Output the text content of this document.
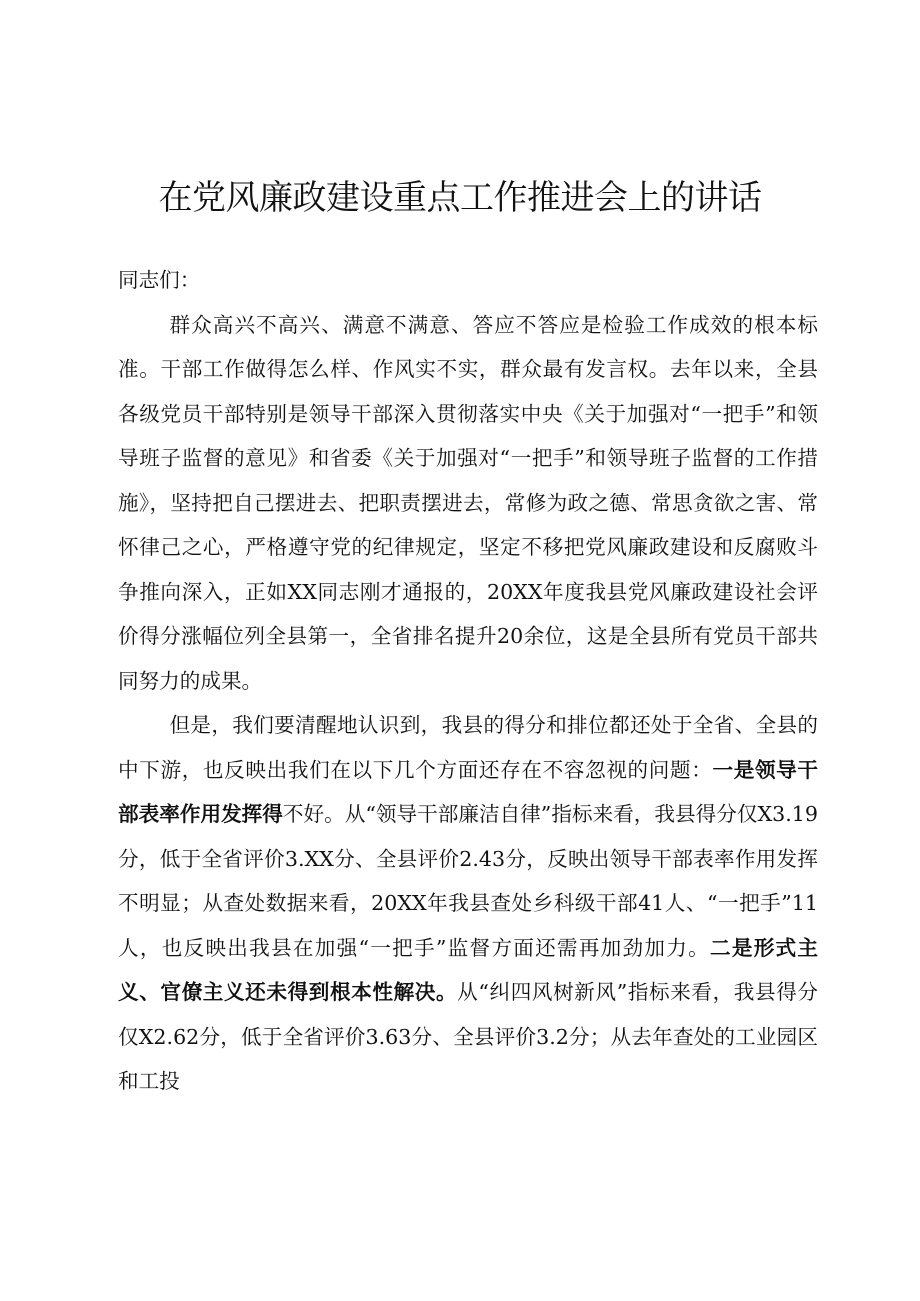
在党风廉政建设重点工作推进会上的讲话

同志们：

群众高兴不高兴、满意不满意、答应不答应是检验工作成效的根本标准。干部工作做得怎么样、作风实不实，群众最有发言权。去年以来，全县各级党员干部特别是领导干部深入贯彻落实中央《关于加强对“一把手”和领导班子监督的意见》和省委《关于加强对“一把手”和领导班子监督的工作措施》，坚持把自己摆进去、把职责摆进去，常修为政之德、常思贪欲之害、常怀律己之心，严格遵守党的纪律规定，坚定不移把党风廉政建设和反腐败斗争推向深入，正如XX同志刚才通报的，20XX年度我县党风廉政建设社会评价得分涨幅位列全县第一，全省排名提升20余位，这是全县所有党员干部共同努力的成果。

但是，我们要清醒地认识到，我县的得分和排位都还处于全省、全县的中下游，也反映出我们在以下几个方面还存在不容忽视的问题：一是领导干部表率作用发挥得不好。从“领导干部廉洁自律”指标来看，我县得分仅X3.19分，低于全省评价3.XX分、全县评价2.43分，反映出领导干部表率作用发挥不明显；从查处数据来看，20XX年我县查处乡科级干部41人、“一把手”11人，也反映出我县在加强“一把手”监督方面还需再加劲加力。二是形式主义、官僚主义还未得到根本性解决。从“纠四风树新风”指标来看，我县得分仅X2.62分，低于全省评价3.63分、全县评价3.2分；从去年查处的工业园区和工投
